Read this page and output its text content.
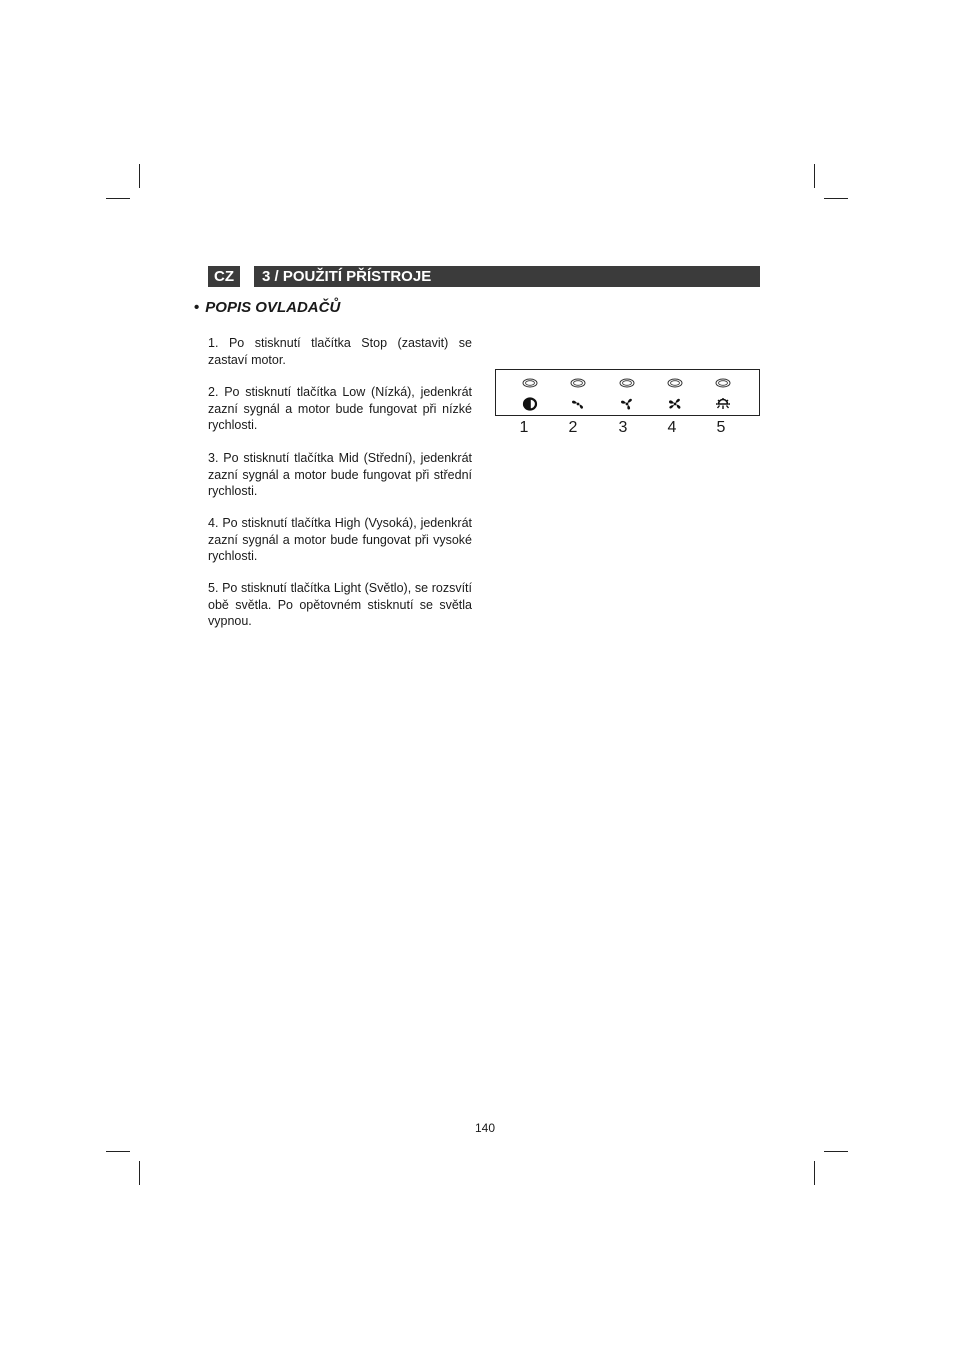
CZ	3 / POUŽITÍ PŘÍSTROJE
• POPIS OVLADAČŮ

1. Po stisknutí tlačítka Stop (zastavit) se zastaví motor.

2. Po stisknutí tlačítka Low (Nízká), jedenkrát zazní sygnál a motor bude fungovat při nízké rychlosti.

3. Po stisknutí tlačítka Mid (Střední), jedenkrát zazní sygnál a motor bude fungovat při střední rychlosti.

4. Po stisknutí tlačítka High (Vysoká), jedenkrát zazní sygnál a motor bude fungovat při vysoké rychlosti.

5. Po stisknutí tlačítka Light (Světlo), se rozsvítí obě světla. Po opětovném stisknutí se světla vypnou.

1	2	3	4	5
140
